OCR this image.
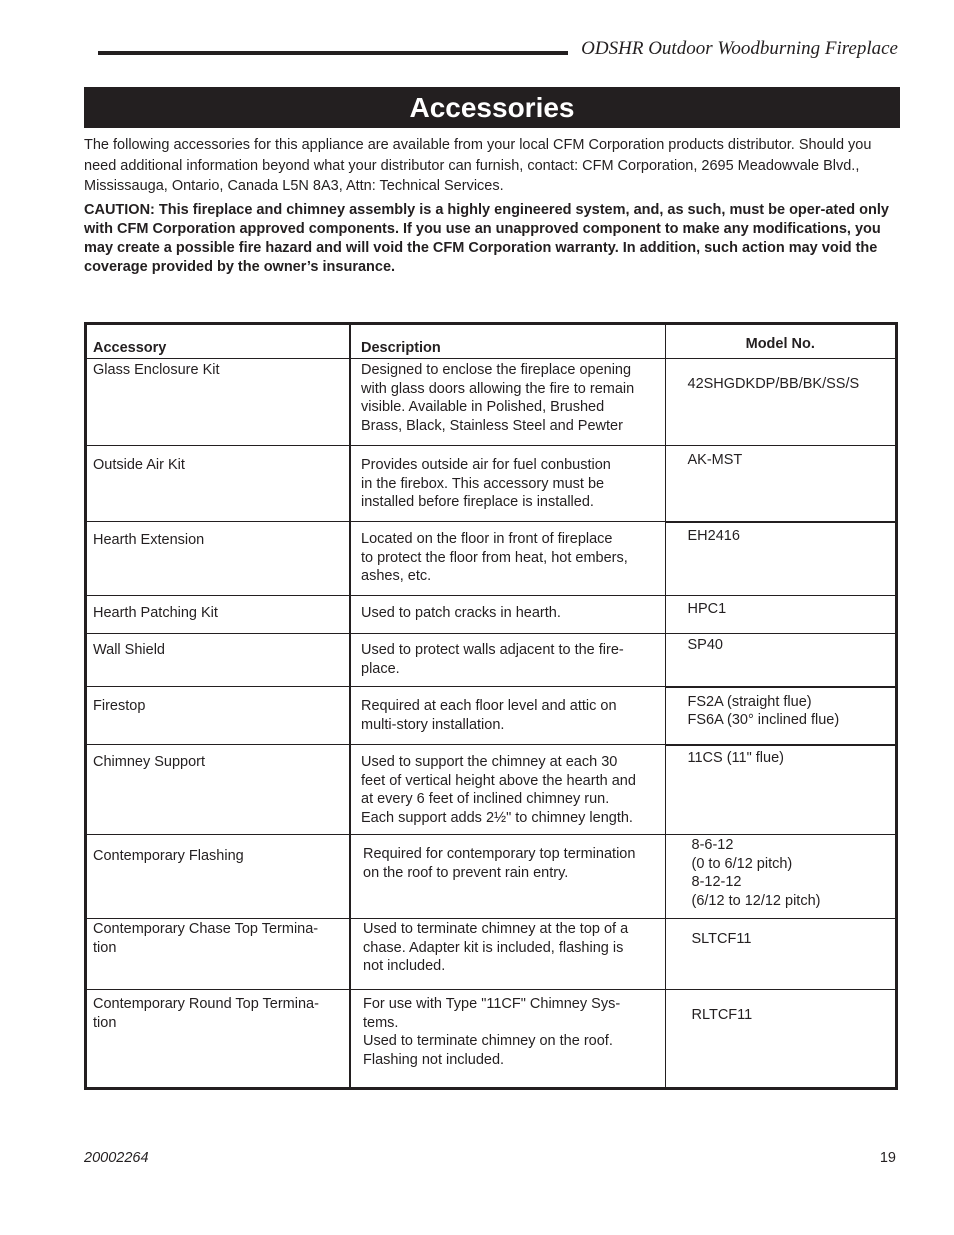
ODSHR Outdoor Woodburning Fireplace
Accessories

The following accessories for this appliance are available from your local CFM Corporation products distributor. Should you need additional information beyond what your distributor can furnish, contact: CFM Corporation, 2695 Meadowvale Blvd., Mississauga, Ontario, Canada L5N 8A3, Attn: Technical Services.

CAUTION: This fireplace and chimney assembly is a highly engineered system, and, as such, must be oper-ated only with CFM Corporation approved components. If you use an unapproved component to make any modifications, you may create a possible fire hazard and will void the CFM Corporation warranty. In addition, such action may void the coverage provided by the owner’s insurance.

Accessory	Description	Model No.

Glass Enclosure Kit	Designed to enclose the fireplace opening
with glass doors allowing the fire to remain
visible. Available in Polished, Brushed
Brass, Black, Stainless Steel and Pewter	42SHGDKDP/BB/BK/SS/S

Outside Air Kit	Provides outside air for fuel conbustion
in the firebox. This accessory must be
installed before fireplace is installed.	AK-MST

Hearth Extension	Located on the floor in front of fireplace
to protect the floor from heat, hot embers,
ashes, etc.	EH2416

Hearth Patching Kit	Used to patch cracks in hearth.	HPC1

Wall Shield	Used to protect walls adjacent to the fire-
place.	SP40

Firestop	Required at each floor level and attic on
multi-story installation.	FS2A (straight flue)
FS6A (30° inclined flue)

Chimney Support	Used to support the chimney at each 30
feet of vertical height above the hearth and
at every 6 feet of inclined chimney run.
Each support adds 2½" to chimney length.	11CS (11" flue)

Contemporary Flashing	Required for contemporary top termination
on the roof to prevent rain entry.	8-6-12
(0 to 6/12 pitch)
8-12-12
(6/12 to 12/12 pitch)

Contemporary Chase Top Termina-
tion	Used to terminate chimney at the top of a
chase. Adapter kit is included, flashing is
not included.	SLTCF11

Contemporary Round Top Termina-
tion	For use with Type "11CF" Chimney Sys-
tems.
Used to terminate chimney on the roof.
Flashing not included.	RLTCF11
20002264	19
